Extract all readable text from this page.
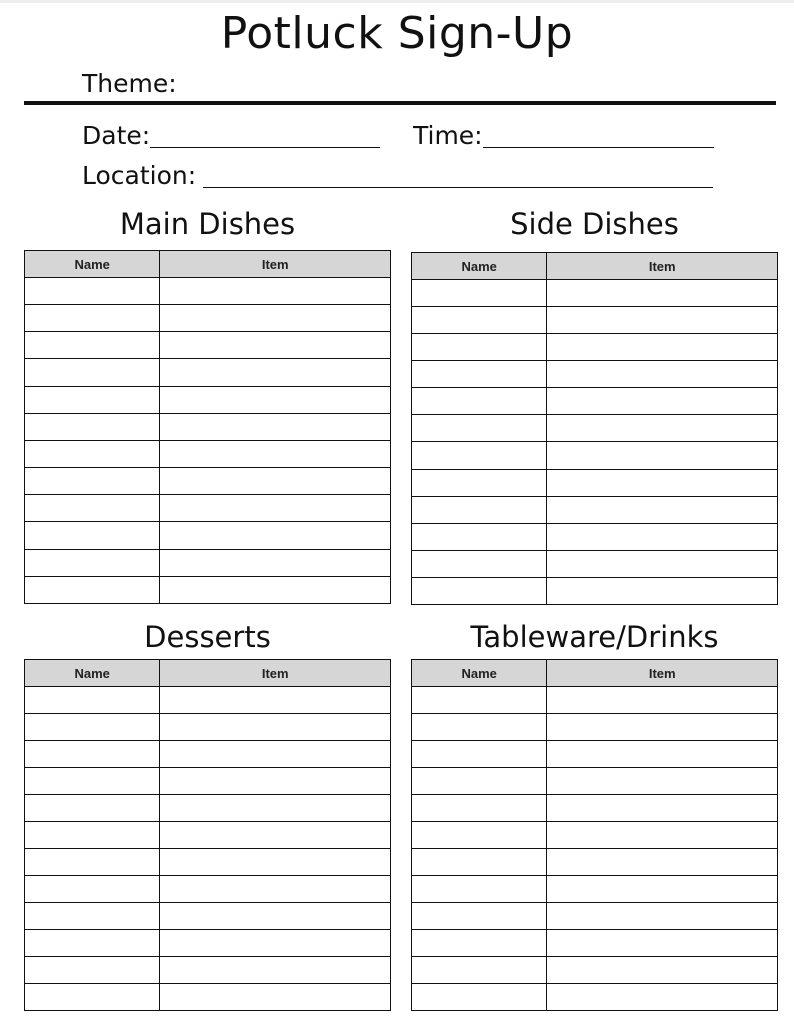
Potluck Sign-Up
Theme:
Date:	Time:
Location:
Main Dishes
Name	Item

Side Dishes
Name	Item

Desserts
Name	Item

Tableware/Drinks
Name	Item
